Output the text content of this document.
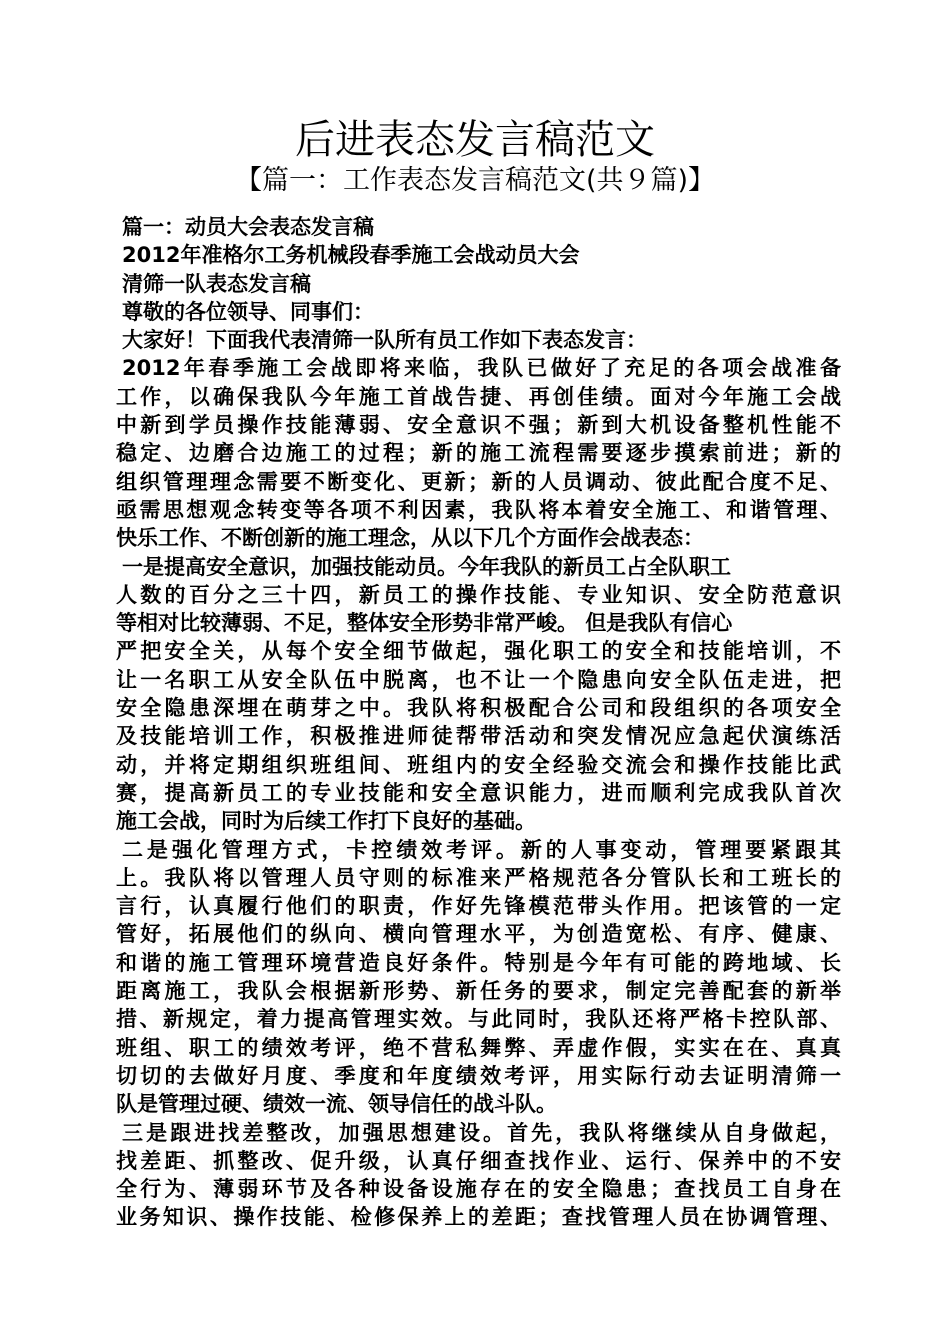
后进表态发言稿范文
【篇一：工作表态发言稿范文(共９篇)】
篇一：动员大会表态发言稿
2012年准格尔工务机械段春季施工会战动员大会
清筛一队表态发言稿
尊敬的各位领导、同事们：
大家好！下面我代表清筛一队所有员工作如下表态发言：
2012年春季施工会战即将来临，我队已做好了充足的各项会战准备
工作，以确保我队今年施工首战告捷、再创佳绩。面对今年施工会战
中新到学员操作技能薄弱、安全意识不强；新到大机设备整机性能不
稳定、边磨合边施工的过程；新的施工流程需要逐步摸索前进；新的
组织管理理念需要不断变化、更新；新的人员调动、彼此配合度不足、
亟需思想观念转变等各项不利因素，我队将本着安全施工、和谐管理、
快乐工作、不断创新的施工理念，从以下几个方面作会战表态：
一是提高安全意识，加强技能动员。今年我队的新员工占全队职工
人数的百分之三十四，新员工的操作技能、专业知识、安全防范意识
等相对比较薄弱、不足，整体安全形势非常严峻。 但是我队有信心
严把安全关，从每个安全细节做起，强化职工的安全和技能培训，不
让一名职工从安全队伍中脱离，也不让一个隐患向安全队伍走进，把
安全隐患深埋在萌芽之中。我队将积极配合公司和段组织的各项安全
及技能培训工作，积极推进师徒帮带活动和突发情况应急起伏演练活
动，并将定期组织班组间、班组内的安全经验交流会和操作技能比武
赛，提高新员工的专业技能和安全意识能力，进而顺利完成我队首次
施工会战，同时为后续工作打下良好的基础。
二是强化管理方式，卡控绩效考评。新的人事变动，管理要紧跟其
上。我队将以管理人员守则的标准来严格规范各分管队长和工班长的
言行，认真履行他们的职责，作好先锋模范带头作用。把该管的一定
管好，拓展他们的纵向、横向管理水平，为创造宽松、有序、健康、
和谐的施工管理环境营造良好条件。特别是今年有可能的跨地域、长
距离施工，我队会根据新形势、新任务的要求，制定完善配套的新举
措、新规定，着力提高管理实效。与此同时，我队还将严格卡控队部、
班组、职工的绩效考评，绝不营私舞弊、弄虚作假，实实在在、真真
切切的去做好月度、季度和年度绩效考评，用实际行动去证明清筛一
队是管理过硬、绩效一流、领导信任的战斗队。
三是跟进找差整改，加强思想建设。首先，我队将继续从自身做起，
找差距、抓整改、促升级，认真仔细查找作业、运行、保养中的不安
全行为、薄弱环节及各种设备设施存在的安全隐患；查找员工自身在
业务知识、操作技能、检修保养上的差距；查找管理人员在协调管理、
